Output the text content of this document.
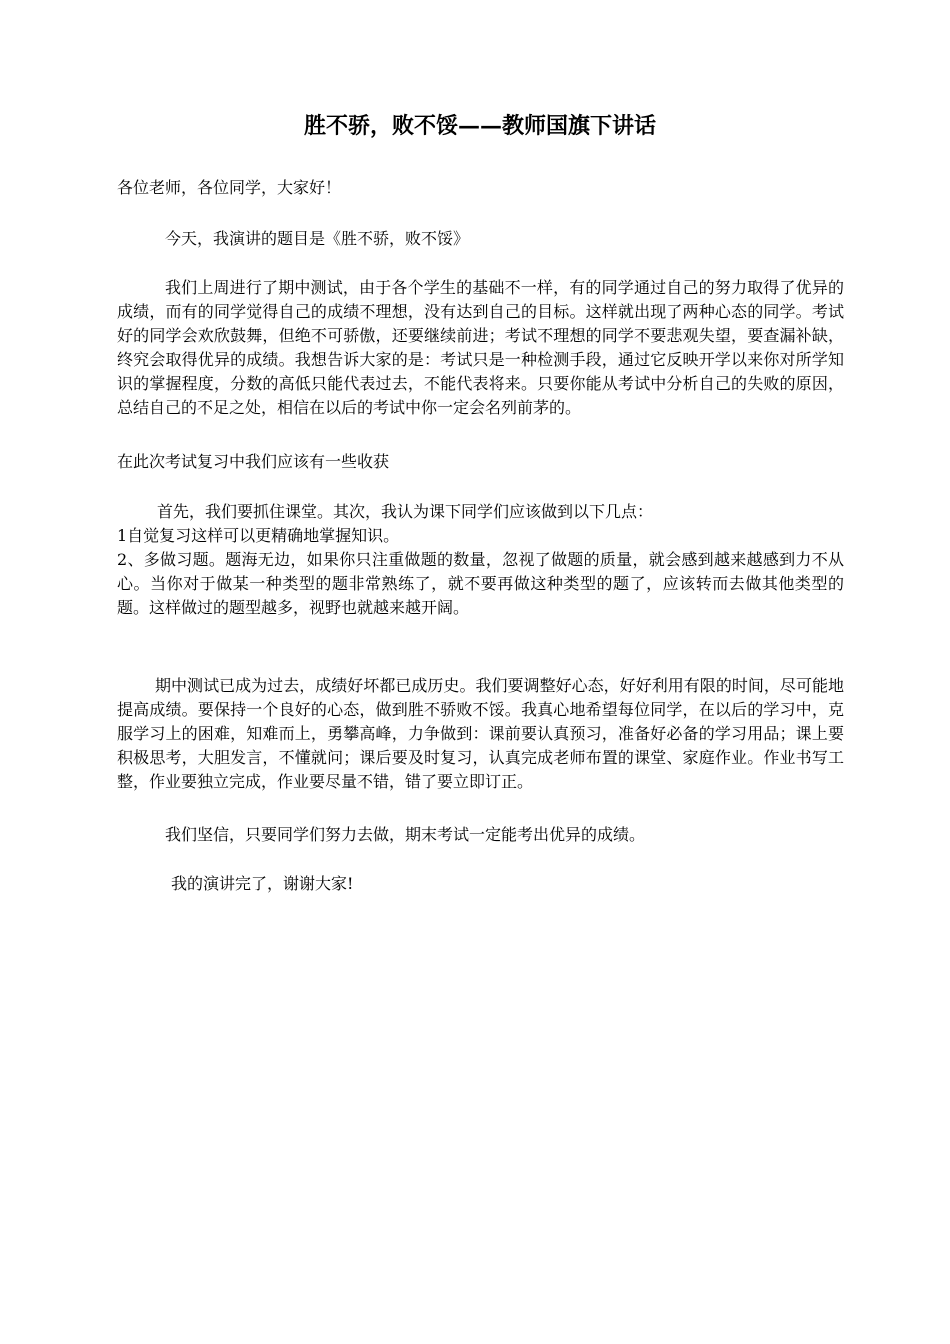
胜不骄，败不馁——教师国旗下讲话

各位老师，各位同学，大家好！

今天，我演讲的题目是《胜不骄，败不馁》

我们上周进行了期中测试，由于各个学生的基础不一样，有的同学通过自己的努力取得了优异的成绩，而有的同学觉得自己的成绩不理想，没有达到自己的目标。这样就出现了两种心态的同学。考试好的同学会欢欣鼓舞，但绝不可骄傲，还要继续前进；考试不理想的同学不要悲观失望，要查漏补缺，终究会取得优异的成绩。我想告诉大家的是：考试只是一种检测手段，通过它反映开学以来你对所学知识的掌握程度，分数的高低只能代表过去，不能代表将来。只要你能从考试中分析自己的失败的原因，总结自己的不足之处，相信在以后的考试中你一定会名列前茅的。

在此次考试复习中我们应该有一些收获

首先，我们要抓住课堂。其次，我认为课下同学们应该做到以下几点：

1自觉复习这样可以更精确地掌握知识。

2、多做习题。题海无边，如果你只注重做题的数量，忽视了做题的质量，就会感到越来越感到力不从心。当你对于做某一种类型的题非常熟练了，就不要再做这种类型的题了，应该转而去做其他类型的题。这样做过的题型越多，视野也就越来越开阔。

期中测试已成为过去，成绩好坏都已成历史。我们要调整好心态，好好利用有限的时间，尽可能地提高成绩。要保持一个良好的心态，做到胜不骄败不馁。我真心地希望每位同学，在以后的学习中，克服学习上的困难，知难而上，勇攀高峰，力争做到：课前要认真预习，准备好必备的学习用品；课上要积极思考，大胆发言，不懂就问；课后要及时复习，认真完成老师布置的课堂、家庭作业。作业书写工整，作业要独立完成，作业要尽量不错，错了要立即订正。

我们坚信，只要同学们努力去做，期末考试一定能考出优异的成绩。

我的演讲完了，谢谢大家!
